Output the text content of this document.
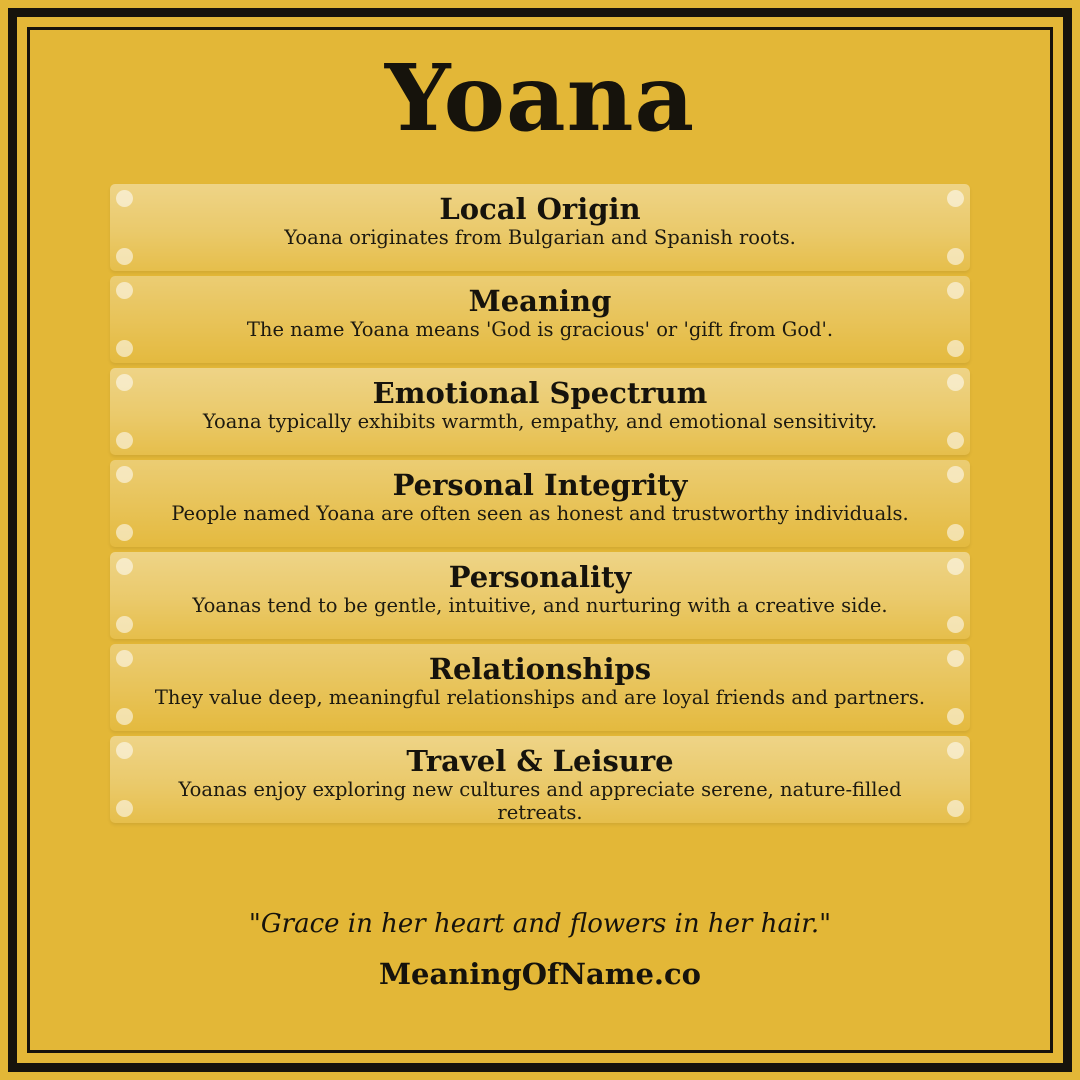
Yoana
Local Origin
Yoana originates from Bulgarian and Spanish roots.
Meaning
The name Yoana means 'God is gracious' or 'gift from God'.
Emotional Spectrum
Yoana typically exhibits warmth, empathy, and emotional sensitivity.
Personal Integrity
People named Yoana are often seen as honest and trustworthy individuals.
Personality
Yoanas tend to be gentle, intuitive, and nurturing with a creative side.
Relationships
They value deep, meaningful relationships and are loyal friends and partners.
Travel & Leisure
Yoanas enjoy exploring new cultures and appreciate serene, nature-filled retreats.
"Grace in her heart and flowers in her hair."
MeaningOfName.co
